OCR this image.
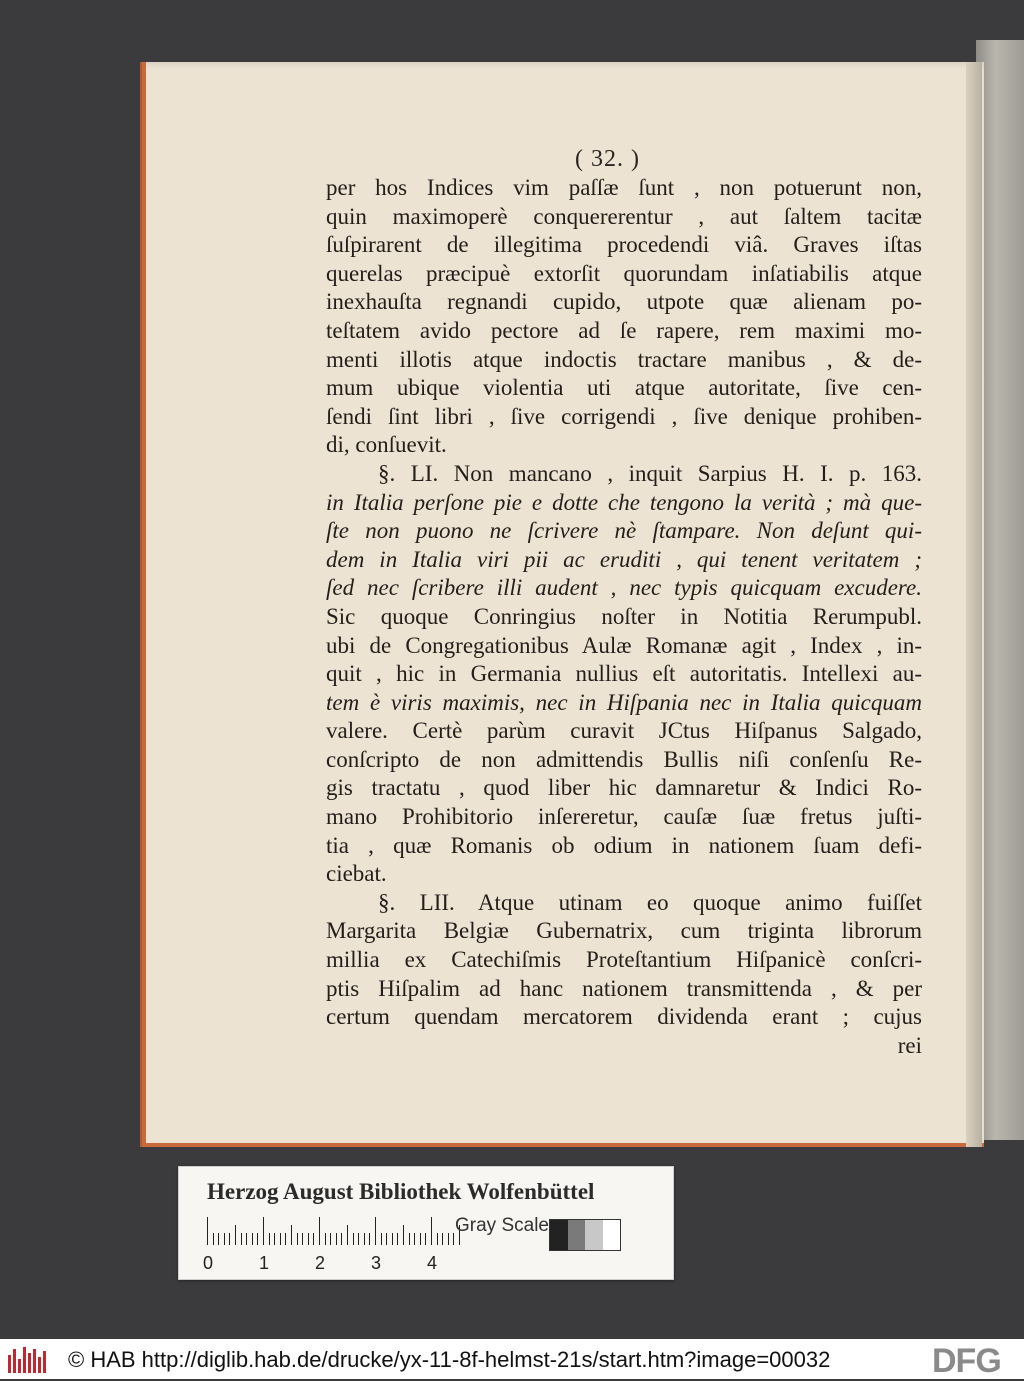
( 32. )
per hos Indices vim paſſæ ſunt , non potuerunt non,
quin maximoperè conquererentur , aut ſaltem tacitæ
ſuſpirarent de illegitima procedendi viâ. Graves iſtas
querelas præcipuè extorſit quorundam inſatiabilis atque
inexhauſta regnandi cupido, utpote quæ alienam po-
teſtatem avido pectore ad ſe rapere, rem maximi mo-
menti illotis atque indoctis tractare manibus , & de-
mum ubique violentia uti atque autoritate, ſive cen-
ſendi ſint libri , ſive corrigendi , ſive denique prohiben-
di, conſuevit.
§. LI. Non mancano , inquit Sarpius H. I. p. 163.
in Italia perſone pie e dotte che tengono la verità ; mà que-
ſte non puono ne ſcrivere nè ſtampare. Non deſunt qui-
dem in Italia viri pii ac eruditi , qui tenent veritatem ;
ſed nec ſcribere illi audent , nec typis quicquam excudere.
Sic quoque Conringius noſter in Notitia Rerumpubl.
ubi de Congregationibus Aulæ Romanæ agit , Index , in-
quit , hic in Germania nullius eſt autoritatis. Intellexi au-
tem è viris maximis, nec in Hiſpania nec in Italia quicquam
valere. Certè parùm curavit JCtus Hiſpanus Salgado,
conſcripto de non admittendis Bullis niſi conſenſu Re-
gis tractatu , quod liber hic damnaretur & Indici Ro-
mano Prohibitorio inſereretur, cauſæ ſuæ fretus juſti-
tia , quæ Romanis ob odium in nationem ſuam defi-
ciebat.
§. LII. Atque utinam eo quoque animo fuiſſet
Margarita Belgiæ Gubernatrix, cum triginta librorum
millia ex Catechiſmis Proteſtantium Hiſpanicè conſcri-
ptis Hiſpalim ad hanc nationem transmittenda , & per
certum quendam mercatorem dividenda erant ; cujus
rei
Herzog August Bibliothek Wolfenbüttel
0	1	2	3	4
Gray Scale
© HAB http://diglib.hab.de/drucke/yx-11-8f-helmst-21s/start.htm?image=00032	DFG
